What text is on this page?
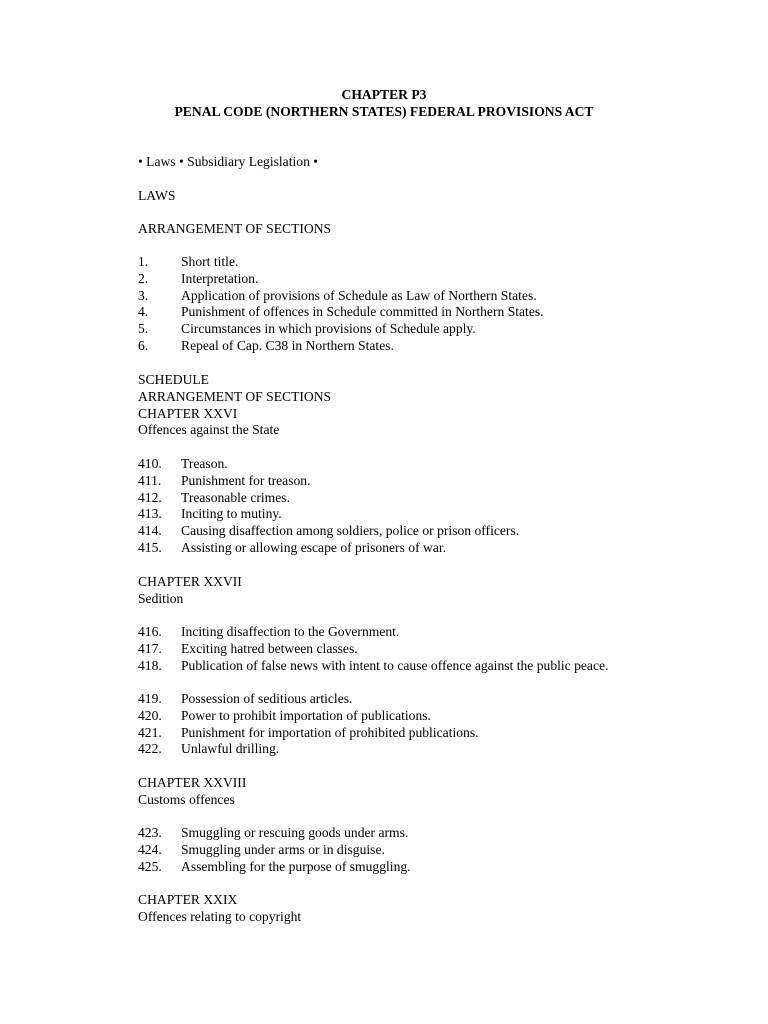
CHAPTER P3
PENAL CODE (NORTHERN STATES) FEDERAL PROVISIONS ACT
• Laws • Subsidiary Legislation •
LAWS
ARRANGEMENT OF SECTIONS
1. Short title.
2. Interpretation.
3. Application of provisions of Schedule as Law of Northern States.
4. Punishment of offences in Schedule committed in Northern States.
5. Circumstances in which provisions of Schedule apply.
6. Repeal of Cap. C38 in Northern States.
SCHEDULE
ARRANGEMENT OF SECTIONS
CHAPTER XXVI
Offences against the State
410. Treason.
411. Punishment for treason.
412. Treasonable crimes.
413. Inciting to mutiny.
414. Causing disaffection among soldiers, police or prison officers.
415. Assisting or allowing escape of prisoners of war.
CHAPTER XXVII
Sedition
416. Inciting disaffection to the Government.
417. Exciting hatred between classes.
418. Publication of false news with intent to cause offence against the public peace.
419. Possession of seditious articles.
420. Power to prohibit importation of publications.
421. Punishment for importation of prohibited publications.
422. Unlawful drilling.
CHAPTER XXVIII
Customs offences
423. Smuggling or rescuing goods under arms.
424. Smuggling under arms or in disguise.
425. Assembling for the purpose of smuggling.
CHAPTER XXIX
Offences relating to copyright
